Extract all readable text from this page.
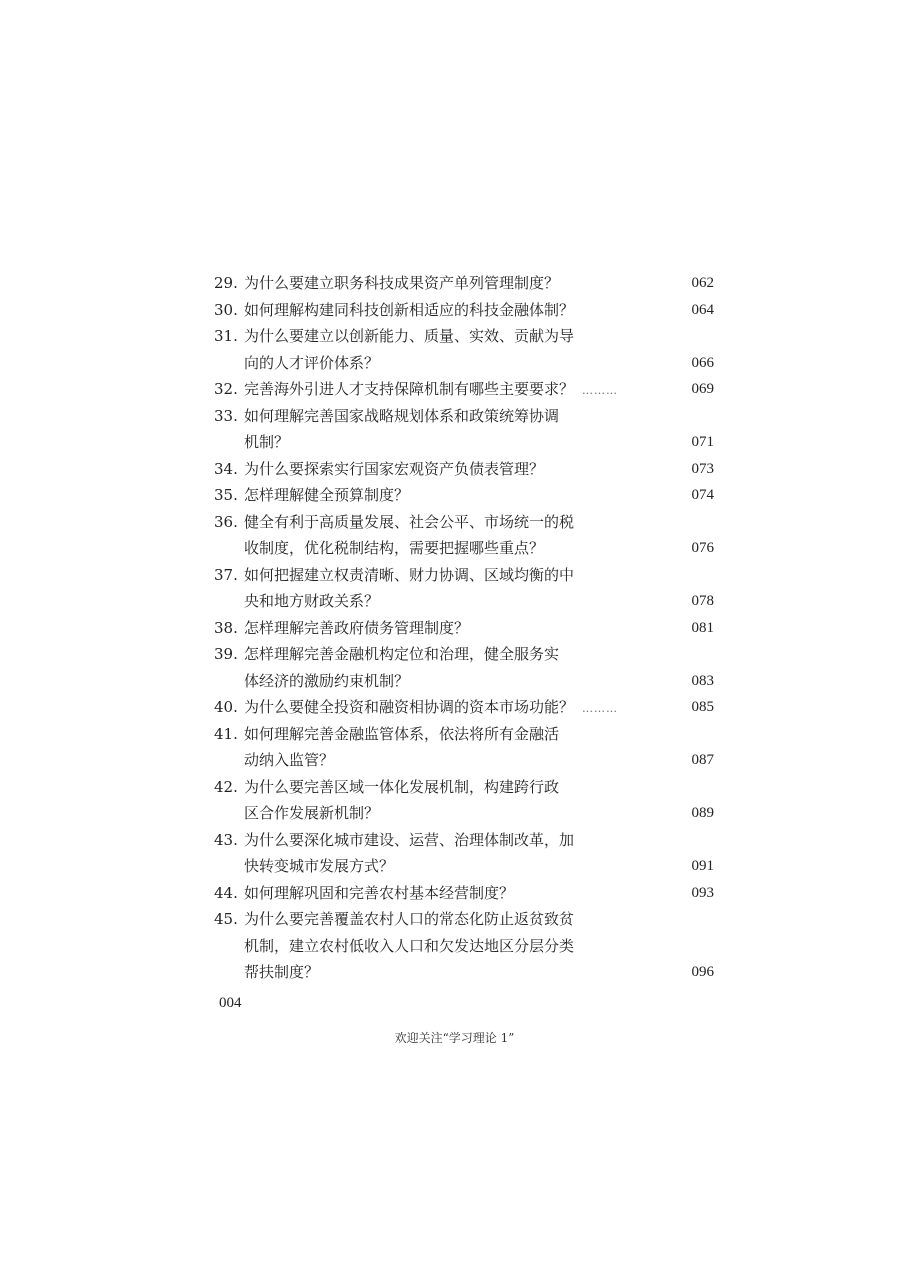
29. 为什么要建立职务科技成果资产单列管理制度？	062
30. 如何理解构建同科技创新相适应的科技金融体制？	064
31. 为什么要建立以创新能力、质量、实效、贡献为导
向的人才评价体系？	066
32. 完善海外引进人才支持保障机制有哪些主要要求？ ………	069
33. 如何理解完善国家战略规划体系和政策统筹协调
机制？	071
34. 为什么要探索实行国家宏观资产负债表管理？	073
35. 怎样理解健全预算制度？	074
36. 健全有利于高质量发展、社会公平、市场统一的税
收制度，优化税制结构，需要把握哪些重点？	076
37. 如何把握建立权责清晰、财力协调、区域均衡的中
央和地方财政关系？	078
38. 怎样理解完善政府债务管理制度？	081
39. 怎样理解完善金融机构定位和治理，健全服务实
体经济的激励约束机制？	083
40. 为什么要健全投资和融资相协调的资本市场功能？ ………	085
41. 如何理解完善金融监管体系，依法将所有金融活
动纳入监管？	087
42. 为什么要完善区域一体化发展机制，构建跨行政
区合作发展新机制？	089
43. 为什么要深化城市建设、运营、治理体制改革，加
快转变城市发展方式？	091
44. 如何理解巩固和完善农村基本经营制度？	093
45. 为什么要完善覆盖农村人口的常态化防止返贫致贫
机制，建立农村低收入人口和欠发达地区分层分类
帮扶制度？	096
004
欢迎关注“学习理论 1”
